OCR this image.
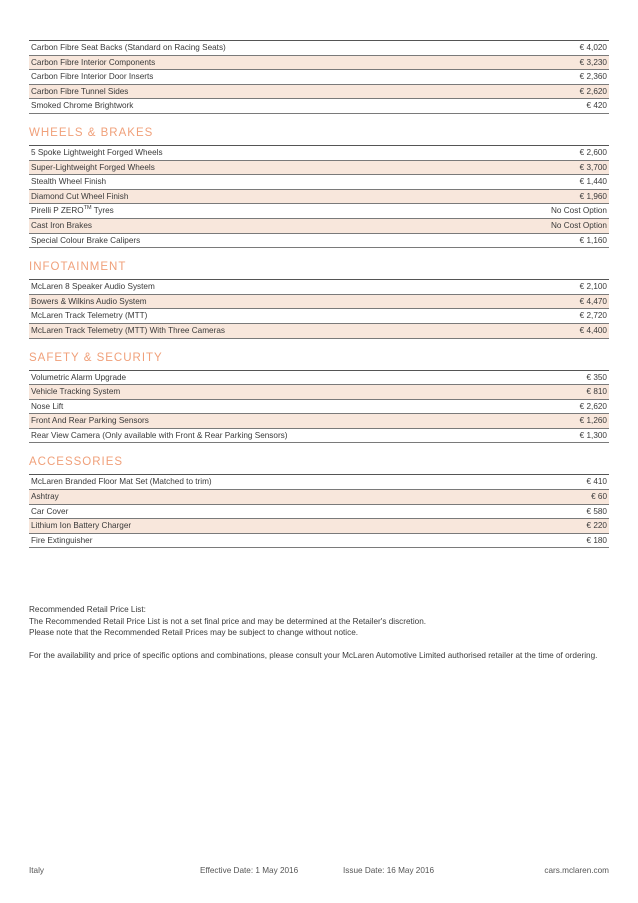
Carbon Fibre Seat Backs (Standard on Racing Seats)	€ 4,020
Carbon Fibre Interior Components	€ 3,230
Carbon Fibre Interior Door Inserts	€ 2,360
Carbon Fibre Tunnel Sides	€ 2,620
Smoked Chrome Brightwork	€ 420
WHEELS & BRAKES
5 Spoke Lightweight Forged Wheels	€ 2,600
Super-Lightweight Forged Wheels	€ 3,700
Stealth Wheel Finish	€ 1,440
Diamond Cut Wheel Finish	€ 1,960
Pirelli P ZERO™ Tyres	No Cost Option
Cast Iron Brakes	No Cost Option
Special Colour Brake Calipers	€ 1,160
INFOTAINMENT
McLaren 8 Speaker Audio System	€ 2,100
Bowers & Wilkins Audio System	€ 4,470
McLaren Track Telemetry (MTT)	€ 2,720
McLaren Track Telemetry (MTT) With Three Cameras	€ 4,400
SAFETY & SECURITY
Volumetric Alarm Upgrade	€ 350
Vehicle Tracking System	€ 810
Nose Lift	€ 2,620
Front And Rear Parking Sensors	€ 1,260
Rear View Camera (Only available with Front & Rear Parking Sensors)	€ 1,300
ACCESSORIES
McLaren Branded Floor Mat Set (Matched to trim)	€ 410
Ashtray	€ 60
Car Cover	€ 580
Lithium Ion Battery Charger	€ 220
Fire Extinguisher	€ 180

Recommended Retail Price List:

The Recommended Retail Price List is not a set final price and may be determined at the Retailer's discretion.

Please note that the Recommended Retail Prices may be subject to change without notice.

For the availability and price of specific options and combinations, please consult your McLaren Automotive Limited authorised retailer at the time of ordering.

Italy	Effective Date: 1 May 2016	Issue Date: 16 May 2016	cars.mclaren.com
